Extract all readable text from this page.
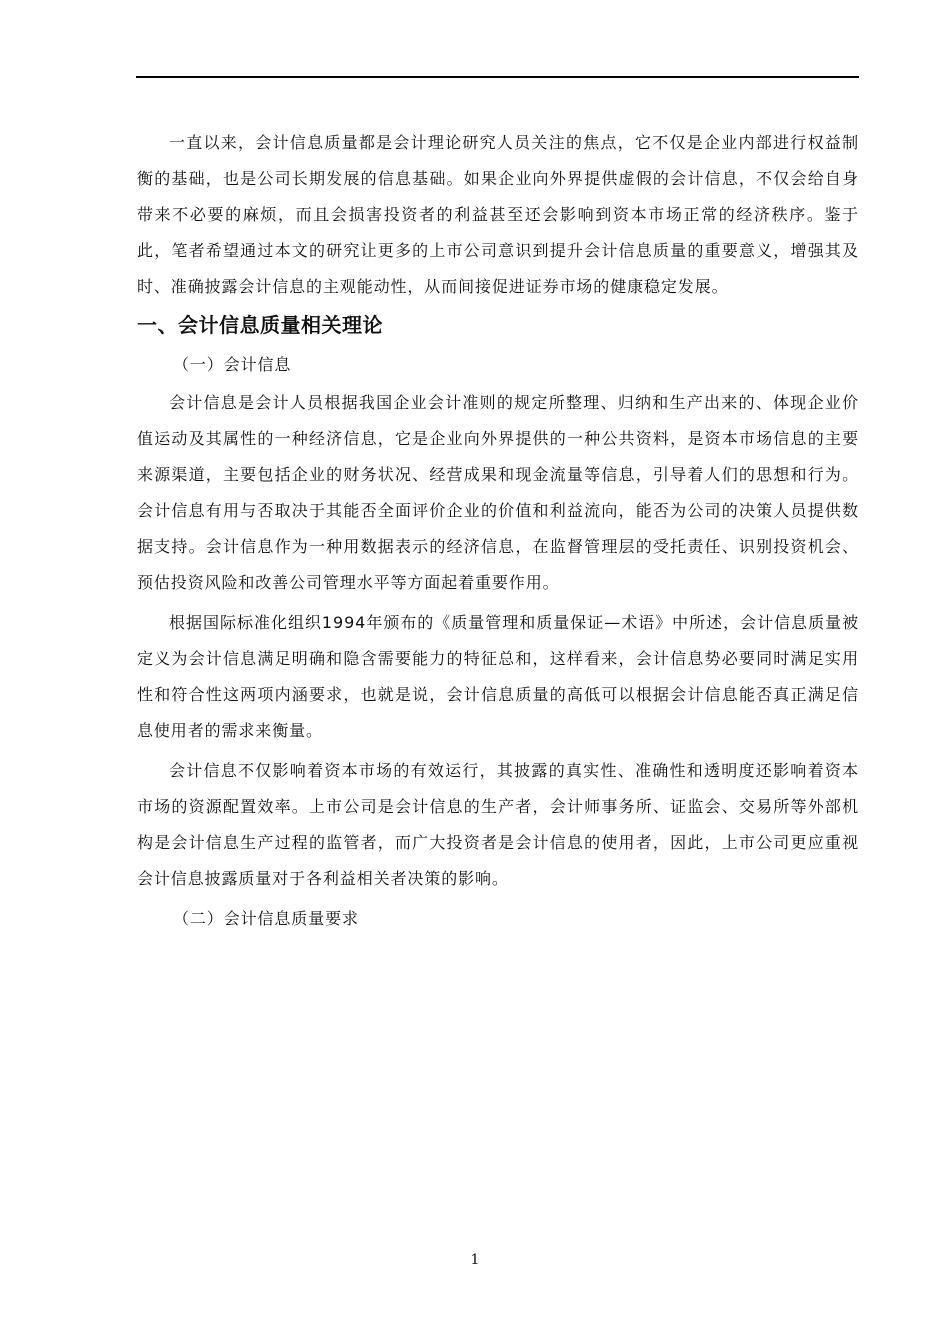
一直以来，会计信息质量都是会计理论研究人员关注的焦点，它不仅是企业内部进行权益制衡的基础，也是公司长期发展的信息基础。如果企业向外界提供虚假的会计信息，不仅会给自身带来不必要的麻烦，而且会损害投资者的利益甚至还会影响到资本市场正常的经济秩序。鉴于此，笔者希望通过本文的研究让更多的上市公司意识到提升会计信息质量的重要意义，增强其及时、准确披露会计信息的主观能动性，从而间接促进证券市场的健康稳定发展。

一、会计信息质量相关理论
（一）会计信息

会计信息是会计人员根据我国企业会计准则的规定所整理、归纳和生产出来的、体现企业价值运动及其属性的一种经济信息，它是企业向外界提供的一种公共资料，是资本市场信息的主要来源渠道，主要包括企业的财务状况、经营成果和现金流量等信息，引导着人们的思想和行为。会计信息有用与否取决于其能否全面评价企业的价值和利益流向，能否为公司的决策人员提供数据支持。会计信息作为一种用数据表示的经济信息，在监督管理层的受托责任、识别投资机会、预估投资风险和改善公司管理水平等方面起着重要作用。

根据国际标准化组织1994年颁布的《质量管理和质量保证—术语》中所述，会计信息质量被定义为会计信息满足明确和隐含需要能力的特征总和，这样看来，会计信息势必要同时满足实用性和符合性这两项内涵要求，也就是说，会计信息质量的高低可以根据会计信息能否真正满足信息使用者的需求来衡量。

会计信息不仅影响着资本市场的有效运行，其披露的真实性、准确性和透明度还影响着资本市场的资源配置效率。上市公司是会计信息的生产者，会计师事务所、证监会、交易所等外部机构是会计信息生产过程的监管者，而广大投资者是会计信息的使用者，因此，上市公司更应重视会计信息披露质量对于各利益相关者决策的影响。

（二）会计信息质量要求
1
